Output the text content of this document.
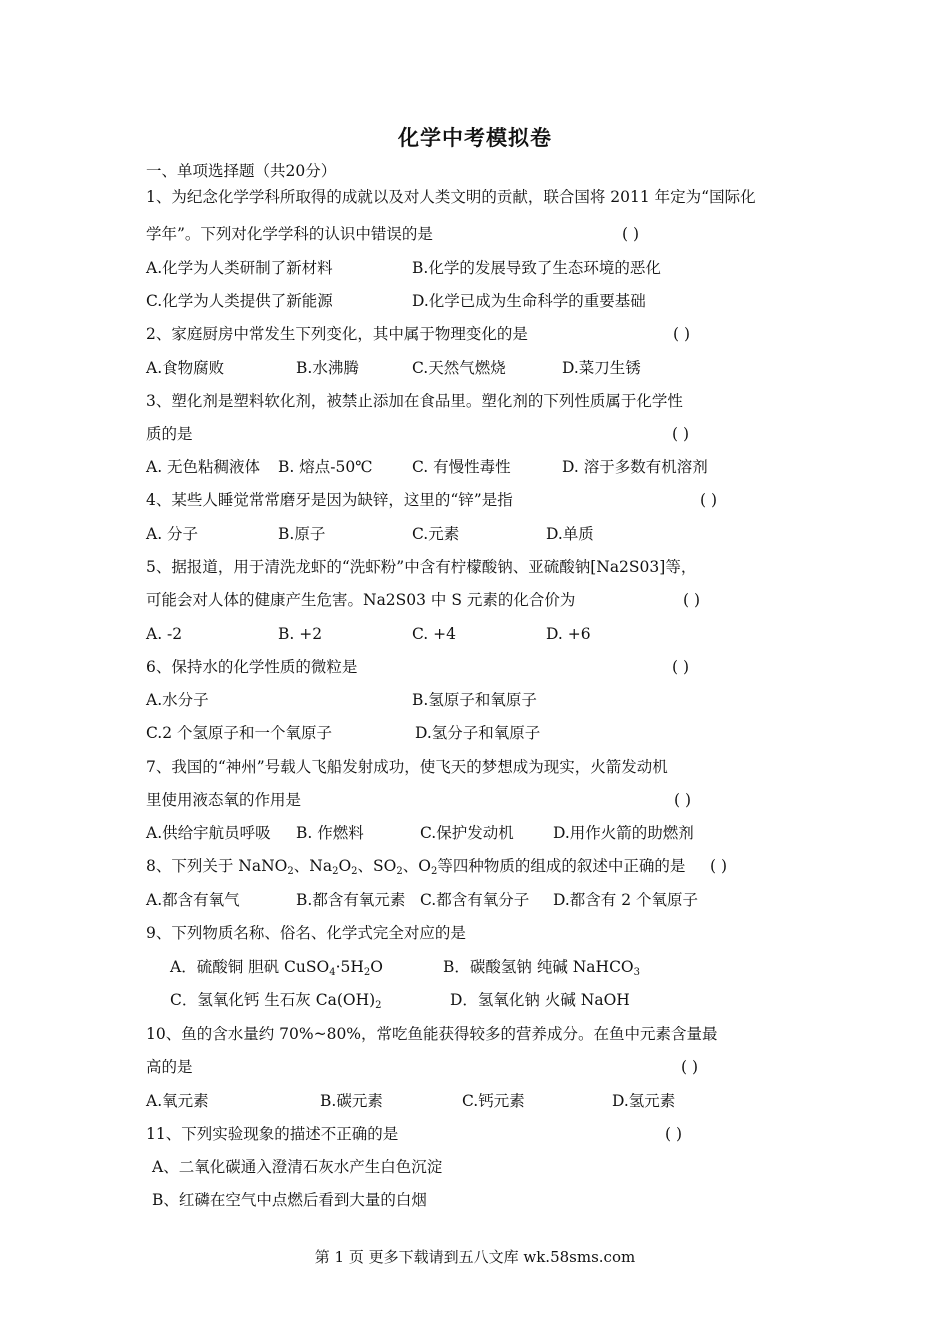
化学中考模拟卷
一、单项选择题（共20分）
1、为纪念化学学科所取得的成就以及对人类文明的贡献，联合国将 2011 年定为“国际化
学年”。下列对化学学科的认识中错误的是	( )
A.化学为人类研制了新材料	B.化学的发展导致了生态环境的恶化
C.化学为人类提供了新能源	D.化学已成为生命科学的重要基础
2、家庭厨房中常发生下列变化，其中属于物理变化的是	( )
A.食物腐败	B.水沸腾	C.天然气燃烧	D.菜刀生锈
3、塑化剂是塑料软化剂，被禁止添加在食品里。塑化剂的下列性质属于化学性
质的是	( )
A. 无色粘稠液体 B. 熔点-50℃	C. 有慢性毒性	D. 溶于多数有机溶剂
4、某些人睡觉常常磨牙是因为缺锌，这里的“锌”是指	( )
A. 分子	B.原子	C.元素	D.单质
5、据报道，用于清洗龙虾的“洗虾粉”中含有柠檬酸钠、亚硫酸钠[Na2S03]等，
可能会对人体的健康产生危害。Na2S03 中 S 元素的化合价为	( )
A. -2	B. +2	C. +4	D. +6
6、保持水的化学性质的微粒是	( )
A.水分子	B.氢原子和氧原子
C.2 个氢原子和一个氧原子	D.氢分子和氧原子
7、我国的“神州”号载人飞船发射成功，使飞天的梦想成为现实，火箭发动机
里使用液态氧的作用是	( )
A.供给宇航员呼吸 B. 作燃料	C.保护发动机	D.用作火箭的助燃剂
8、下列关于 NaNO$_2$、$Na_2O_2$、$SO_2$、$O_2$等四种物质的组成的叙述中正确的是 ( )
A.都含有氧气	B.都含有氧元素 C.都含有氧分子 D.都含有 2 个氧原子
9、下列物质名称、俗名、化学式完全对应的是
A．硫酸铜 胆矾 $CuSO_4\cdot 5H_2O$	B．碳酸氢钠 纯碱 NaHCO$_3$
C．氢氧化钙 生石灰 $Ca(OH)_2$	D．氢氧化钠 火碱 NaOH
10、鱼的含水量约 70%~80%，常吃鱼能获得较多的营养成分。在鱼中元素含量最
高的是	( )
A.氧元素	B.碳元素	C.钙元素	D.氢元素
11、下列实验现象的描述不正确的是	( )
A、二氧化碳通入澄清石灰水产生白色沉淀
B、红磷在空气中点燃后看到大量的白烟
第 1 页 更多下载请到五八文库 wk.58sms.com
